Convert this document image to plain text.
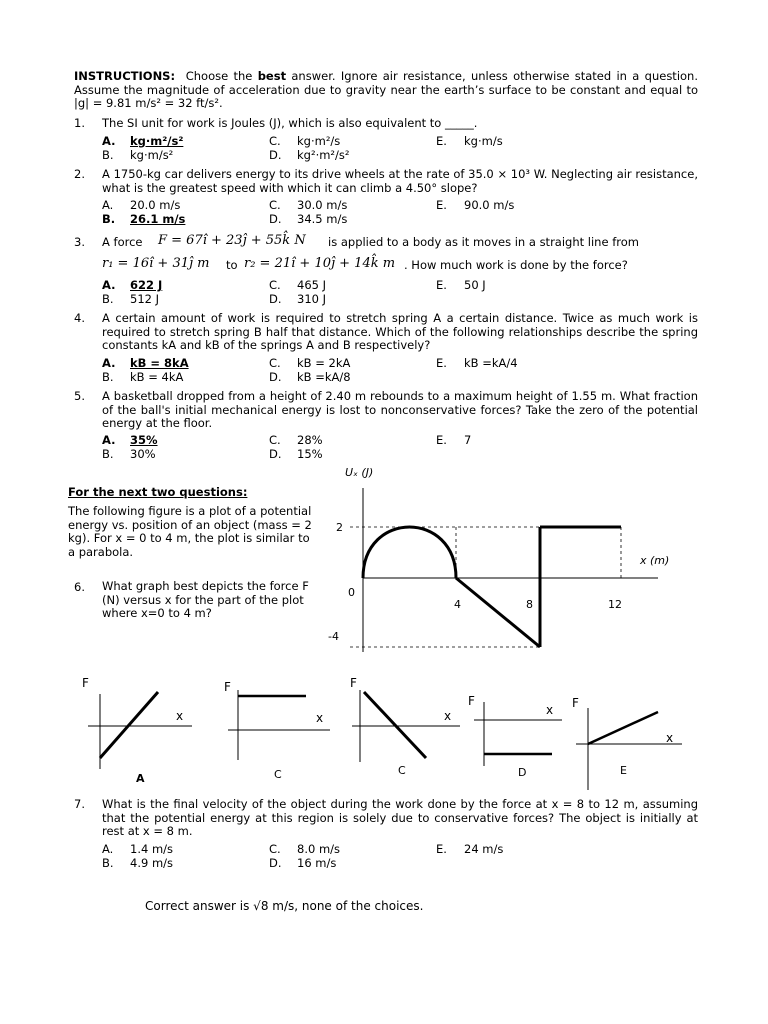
INSTRUCTIONS: Choose the best answer. Ignore air resistance, unless otherwise stated in a question. Assume the magnitude of acceleration due to gravity near the earth’s surface to be constant and equal to |g| = 9.81 m/s² = 32 ft/s².
1.	The SI unit for work is Joules (J), which is also equivalent to _____.
A. kg·m²/s²	C. kg·m²/s	E. kg·m/s
B. kg·m/s²	D. kg²·m²/s²
2.	A 1750-kg car delivers energy to its drive wheels at the rate of 35.0 × 10³ W. Neglecting air resistance, what is the greatest speed with which it can climb a 4.50° slope?
A. 20.0 m/s	C. 30.0 m/s	E. 90.0 m/s
B. 26.1 m/s	D. 34.5 m/s
3. A force F = 67î + 23ĵ + 55k̂ N is applied to a body as it moves in a straight line from
r₁ = 16î + 31ĵ m to r₂ = 21î + 10ĵ + 14k̂ m . How much work is done by the force?
A. 622 J	C. 465 J	E. 50 J
B. 512 J	D. 310 J
4.	A certain amount of work is required to stretch spring A a certain distance. Twice as much work is required to stretch spring B half that distance. Which of the following relationships describe the spring constants kA and kB of the springs A and B respectively?
A. kB = 8kA	C. kB = 2kA	E. kB =kA/4
B. kB = 4kA	D. kB =kA/8
5.	A basketball dropped from a height of 2.40 m rebounds to a maximum height of 1.55 m. What fraction of the ball's initial mechanical energy is lost to nonconservative forces? Take the zero of the potential energy at the floor.
A. 35%	C. 28%	E. 7
B. 30%	D. 15%
For the next two questions:
The following figure is a plot of a potential energy vs. position of an object (mass = 2 kg). For x = 0 to 4 m, the plot is similar to a parabola.
6. What graph best depicts the force F (N) versus x for the part of the plot where x=0 to 4 m?
Uₓ (J)
2
0
-4
4	8	12
x (m)
F
x
A
F
x
C
F
x
C
F
x
D
F
x
E
7.	What is the final velocity of the object during the work done by the force at x = 8 to 12 m, assuming that the potential energy at this region is solely due to conservative forces? The object is initially at rest at x = 8 m.
A. 1.4 m/s	C. 8.0 m/s	E. 24 m/s
B. 4.9 m/s	D. 16 m/s
Correct answer is √8 m/s, none of the choices.
